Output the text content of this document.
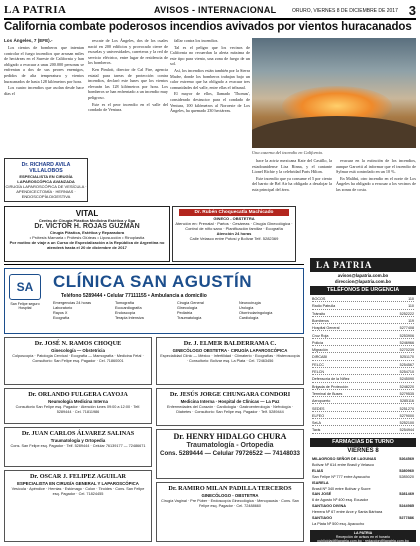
LA PATRIA	AVISOS - INTERNACIONAL	ORURO, VIERNES 8 DE DICIEMBRE DE 2017 3
California combate poderosos incendios avivados por vientos huracanados
Los Ángeles, 7 (EFE).-

Los cientos de bomberos que intentan controlar el fuego incendios que arrasan miles de hectáreas en el Sureste de California y han obligado a evacuar a unas 200.000 personas se enfrentan a dos de sus peores enemigos, pedidos de alta temperatura y vientos huracanados de hasta 128 kilómetros por hora.

Los cuatro incendios que asolan desde hace días el

rescate de Los Ángeles, dos de los cuales nació en 200 edificios y provocado cierre de escuelas y universidades, carreteras y la red de servicio eléctrico, entre lugar de residencia de los bomberos.

Ken Pimlott, director de Cal Fire, agencia estatal para tareas de protección contra incendios, declaró este lunes que los vientos elevarán las 128 kilómetros por hora. Los bomberos se han enfrentado a un incendio muy peligroso.

Este es el peor incendio en el valle del condado de Ventura.

fallar contra los incendios.

Tal es el peligro que los vecinos de California no recuerdan la alerta máxima de este tipo para viento, una zona de fuego de un sol.

Así, los incendios están también por la Sierra Madre, donde los bomberos trabajan bajo un calor extremo que ha obligado a evacuar tres comunidades del valle, entre ellas el tribunal.

El mayor de ellos, llamado 'Thomas', considerado destructor para el condado de Ventura, 100 kilómetros al Noroeste de Los Ángeles, ha quemado 230 hectáreas.

Una caserna del incendio en California.

hace la actriz mexicana Kate del Castillo, la estadounidense Lisa Rinna, y el cantante Lionel Richie y la celebridad Paris Hilton.

Este incendio que ya consume el 5 por ciento del barrio de Bel Air ha obligado a desalojar la ruta principal del área.

evacuar en la extinción de los incendios, aunque Garcetti al informar que el incendio de Sylmar está controlado en un 10 %.

En Malibú, otro incendio en el norte de Los Ángeles ha obligado a evacuar a los vecinos de las zonas de costa.

Dr. RICHARD AVILA VILLALOBOS
ESPECIALISTA EN CIRUGÍA LAPAROSCÓPICA AVANZADA
CIRUGÍA LAPAROSCÓPICA DE VESÍCULA · APENDICECTOMÍA · HERNIAS · ENDOSCOPÍA DIGESTIVA
VITAL
Centro de Cirugía Plástica Medicina Estética y Spa
Dr. VÍCTOR H. ROJAS GUZMÁN
Cirugía Plástica, Estética y Reparadora
• Prótesis Mamaria • Prótesis Glúteas • Liposucción • Rinoplastia
Por motivo de viaje a un Curso de Especialización a la República de Argentina no atenderá hasta el 20 de diciembre de 2017
Dr. Rubén Choquecatla Machicado
GINECO - OBSTETRA
Atención en: Prenatal · Partos · Cesáreas · Cirugía Ginecológica · Control de niño sano · Planificación familiar · Ecografía
Atención 24 horas
Calle Velasco entre Potosí y Bolívar Telf. 5282369
SA
San Felipe seguro Hospital
CLÍNICA SAN AGUSTÍN
Teléfono 5289444 • Celular 77111155 • Ambulancia a domicilio
Emergencias 24 horas
Laboratorio
Rayos X
Ecografía
Tomografía
Ecocardiografía
Endoscopía
Terapia Intensiva
Cirugía General
Ginecología
Pediatría
Traumatología
Neurocirugía
Urología
Otorrinolaringología
Cardiología
Dr. JOSÉ N. RAMOS CHOQUE
Ginecología — Obstetricia
Colposcopía · Patología Cervical · Ecografía — Mamografía · Medicina Fetal · Consultorio: San Felipe esq. Pagador · Cel. 71860001
Dr. J. ELMER BALDERRAMA C.
GINECÓLOGO OBSTETRA · CIRUGÍA LAPAROSCÓPICA
Especialidad Clínic — México · Infertilidad · Climaterio · Ecografías · Histeroscopía · Consultorio: Bolívar esq. La Plata · Cel. 72463456
Dr. ORLANDO FULGERA CAYOJA
Neumología Medicina Interna
Consultorio San Felipe esq. Pagador · Atención lunes 09:00 a 12:00 · Telf. 5289444 · Cel. 71811986
Dr. JESÚS JORGE CHUNGARA CONDORI
Medicina Interna · Hospital de Clínicas — La Paz
Enfermedades del Corazón · Cardiología · Gastroenterología · Nefrología · Diabetes · Consultorio: San Felipe esq. Pagador · Telf. 5289444
Dr. JUAN CARLOS ÁLVAREZ SALINAS
Traumatología y Ortopedia
Cons. San Felipe esq. Pagador · Telf. 5289444 · Celular 76139177 — 72486671
Dr. HENRY HIDALGO CHURA
Traumatología - Ortopedia
Cons. 5289444 — Celular 79726522 — 74148033
Dr. OSCAR J. FELIPEZ AGUILAR
ESPECIALISTA EN CIRUGÍA GENERAL Y LAPAROSCÓPICA
Vesícula · Apéndice · Hernias · Estómago · Colon · Tiroides · Cons. San Felipe esq. Pagador · Cel. 71824455
Dr. RAMIRO MILAN PADILLA TERCEROS
GINECÓLOGO - OBSTETRA
Cirugía Vaginal · Pre Púber · Endoscopía Ginecológica · Menopausia · Cons. San Felipe esq. Pagador · Cel. 72488660
LA PATRIA
avisos@lapatria.com.bo
direccion@lapatria.com.bo
TELÉFONOS DE URGENCIA
BOCOS	110
Radio Patrulla	110
Tránsito	5252222
Bomberos	119
Hospital General	5277408
Cruz Roja	5253906
Policía	5246966
Migración	5270239
DIRCABI	5251170
FELCC	5254567
FELCN	5254710
Defensoría de la Niñez	5245090
Brigada de Protección	5248220
Terminal de Buses	5279535
Aeropuerto	5285116
SEDES	5251270
ELFEO	5279000
SeLA	5252100
Taxis	5254944
FARMACIAS DE TURNO
VIERNES 8
MILAGROSO SEÑOR DE LAGUNAS	5264569
Bolívar Nº 614 entre Brasil y Velasco
ELIAS	5280960
San Felipe Nº 777 entre Ayacucho	5285020
ISARELA
Brasil Nº 340 entre Bolívar y Sucre
SAN JOSÉ	5281469
6 de Agosto Nº 400 esq. Ecuador
SANTIAGO DIVINA	5244985
Herrera Nº 67 entre Arce y Santa Bárbara
SANTIAGO	5277886
La Plata Nº 500 esq. Ayacucho
LA PATRIA
Recepción de avisos en el horario
publicidad@lapatria.com.bo · redaccion@lapatria.com.bo
